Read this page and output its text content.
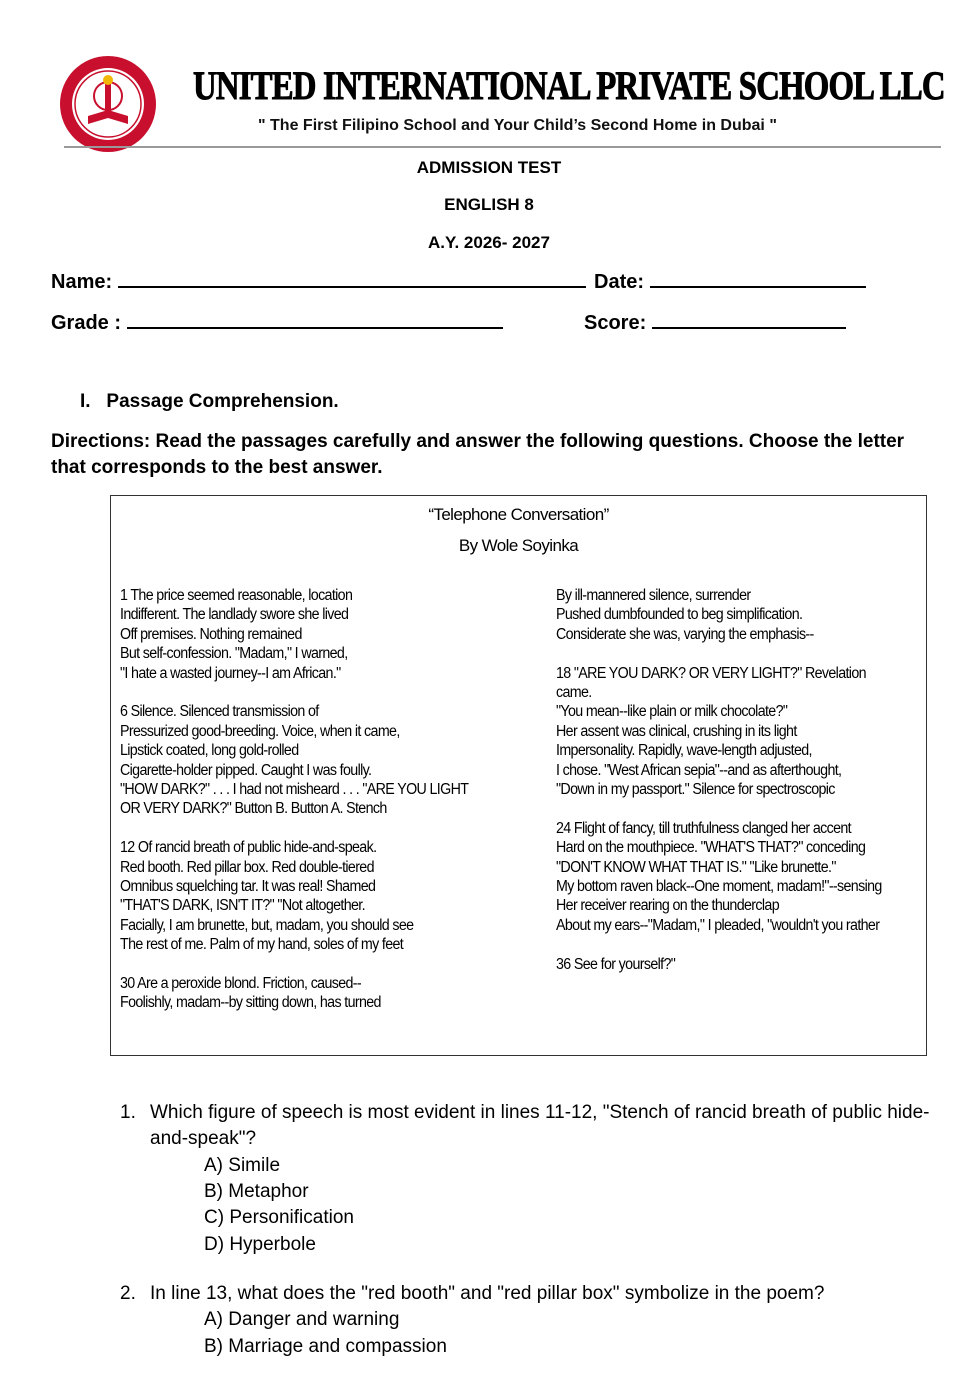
UNITED INTERNATIONAL PRIVATE SCHOOL LLC
" The First Filipino School and Your Child’s Second Home in Dubai "
ADMISSION TEST
ENGLISH 8
A.Y. 2026- 2027
Name:	Date:
Grade :	Score:
I. Passage Comprehension.
Directions: Read the passages carefully and answer the following questions. Choose the letter that corresponds to the best answer.
“Telephone Conversation”
By Wole Soyinka
1 The price seemed reasonable, location
Indifferent. The landlady swore she lived
Off premises. Nothing remained
But self-confession. "Madam," I warned,
"I hate a wasted journey--I am African."
6 Silence. Silenced transmission of
Pressurized good-breeding. Voice, when it came,
Lipstick coated, long gold-rolled
Cigarette-holder pipped. Caught I was foully.
"HOW DARK?" . . . I had not misheard . . . "ARE YOU LIGHT
OR VERY DARK?" Button B. Button A. Stench
12 Of rancid breath of public hide-and-speak.
Red booth. Red pillar box. Red double-tiered
Omnibus squelching tar. It was real! Shamed
"THAT'S DARK, ISN'T IT?" "Not altogether.
Facially, I am brunette, but, madam, you should see
The rest of me. Palm of my hand, soles of my feet
30 Are a peroxide blond. Friction, caused--
Foolishly, madam--by sitting down, has turned
By ill-mannered silence, surrender
Pushed dumbfounded to beg simplification.
Considerate she was, varying the emphasis--
18 "ARE YOU DARK? OR VERY LIGHT?" Revelation
came.
"You mean--like plain or milk chocolate?"
Her assent was clinical, crushing in its light
Impersonality. Rapidly, wave-length adjusted,
I chose. "West African sepia"--and as afterthought,
"Down in my passport." Silence for spectroscopic
24 Flight of fancy, till truthfulness clanged her accent
Hard on the mouthpiece. "WHAT'S THAT?" conceding
"DON'T KNOW WHAT THAT IS." "Like brunette."
My bottom raven black--One moment, madam!"--sensing
Her receiver rearing on the thunderclap
About my ears--"Madam," I pleaded, "wouldn't you rather
36 See for yourself?"
1. Which figure of speech is most evident in lines 11-12, "Stench of rancid breath of public hide-and-speak"?
A) Simile
B) Metaphor
C) Personification
D) Hyperbole
2. In line 13, what does the "red booth" and "red pillar box" symbolize in the poem?
A) Danger and warning
B) Marriage and compassion
